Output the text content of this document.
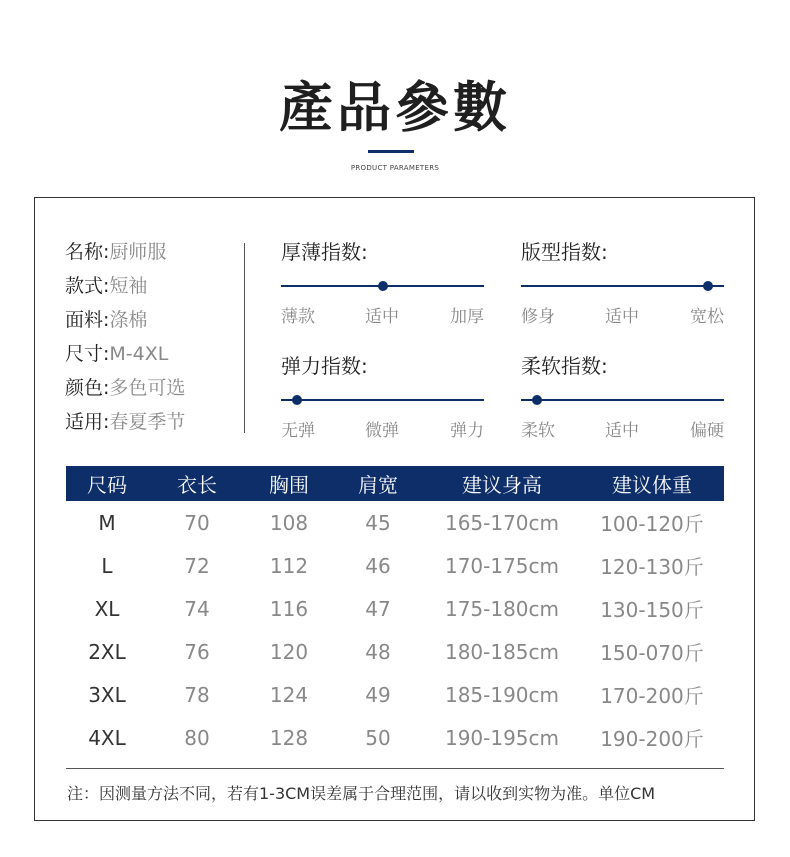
產品參數
PRODUCT PARAMETERS
名称:厨师服
款式:短袖
面料:涤棉
尺寸:M-4XL
颜色:多色可选
适用:春夏季节
厚薄指数:
薄款	适中	加厚
版型指数:
修身	适中	宽松
弹力指数:
无弹	微弹	弹力
柔软指数:
柔软	适中	偏硬
尺码	衣长	胸围	肩宽	建议身高	建议体重
M	70	108	45	165-170cm	100-120斤
L	72	112	46	170-175cm	120-130斤
XL	74	116	47	175-180cm	130-150斤
2XL	76	120	48	180-185cm	150-070斤
3XL	78	124	49	185-190cm	170-200斤
4XL	80	128	50	190-195cm	190-200斤
注：因测量方法不同，若有1-3CM误差属于合理范围，请以收到实物为准。单位CM
